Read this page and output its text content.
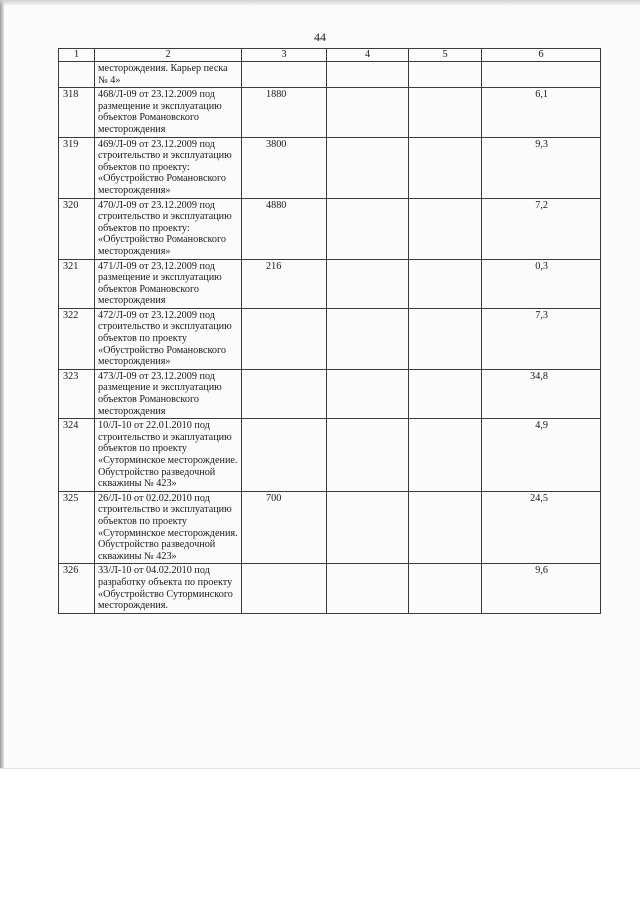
44
1	2	3	4	5	6
	месторождения. Карьер песка № 4»				
318	468/Л-09 от 23.12.2009 под размещение и эксплуатацию объектов Романовского месторождения	1880			6,1
319	469/Л-09 от 23.12.2009 под строительство и эксплуатацию объектов по проекту: «Обустройство Романовского месторождения»	3800			9,3
320	470/Л-09 от 23.12.2009 под строительство и эксплуатацию объектов по проекту: «Обустройство Романовского месторождения»	4880			7,2
321	471/Л-09 от 23.12.2009 под размещение и эксплуатацию объектов Романовского месторождения	216			0,3
322	472/Л-09 от 23.12.2009 под строительство и эксплуатацию объектов по проекту «Обустройство Романовского месторождения»				7,3
323	473/Л-09 от 23.12.2009 под размещение и эксплуатацию объектов Романовского месторождения				34,8
324	10/Л-10 от 22.01.2010 под строительство и экаплуатацию объектов по проекту «Суторминское месторождение. Обустройство разведочной скважины № 423»				4,9
325	26/Л-10 от 02.02.2010 под строительство и эксплуатацию объектов по проекту «Суторминское месторождения. Обустройство разведочной скважины № 423»	700			24,5
326	33/Л-10 от 04.02.2010 под разработку объекта по проекту «Обустройство Суторминского месторождения.				9,6
